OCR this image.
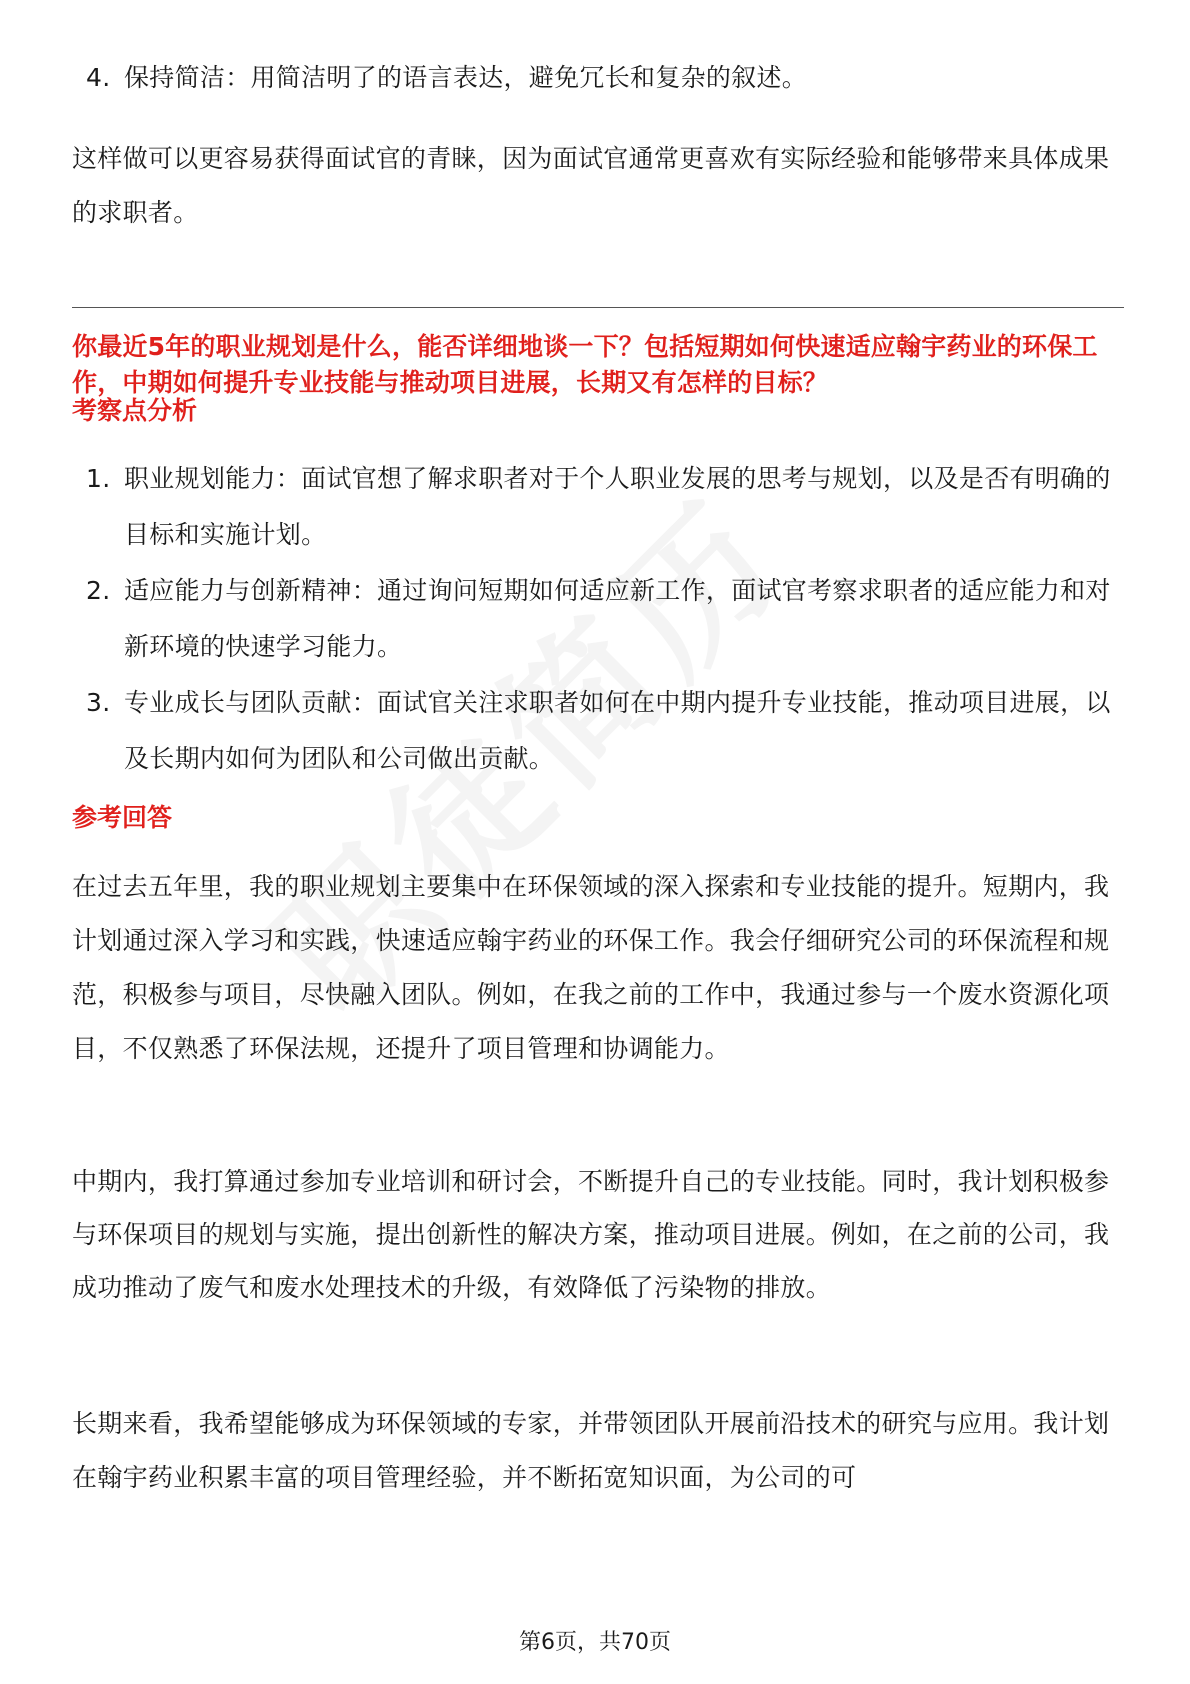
4. 保持简洁：用简洁明了的语言表达，避免冗长和复杂的叙述。

这样做可以更容易获得面试官的青睐，因为面试官通常更喜欢有实际经验和能够带来具体成果的求职者。

你最近5年的职业规划是什么，能否详细地谈一下？包括短期如何快速适应翰宇药业的环保工作，中期如何提升专业技能与推动项目进展，长期又有怎样的目标？

考察点分析

1. 职业规划能力：面试官想了解求职者对于个人职业发展的思考与规划，以及是否有明确的目标和实施计划。
2. 适应能力与创新精神：通过询问短期如何适应新工作，面试官考察求职者的适应能力和对新环境的快速学习能力。
3. 专业成长与团队贡献：面试官关注求职者如何在中期内提升专业技能，推动项目进展，以及长期内如何为团队和公司做出贡献。

参考回答

在过去五年里，我的职业规划主要集中在环保领域的深入探索和专业技能的提升。短期内，我计划通过深入学习和实践，快速适应翰宇药业的环保工作。我会仔细研究公司的环保流程和规范，积极参与项目，尽快融入团队。例如，在我之前的工作中，我通过参与一个废水资源化项目，不仅熟悉了环保法规，还提升了项目管理和协调能力。

中期内，我打算通过参加专业培训和研讨会，不断提升自己的专业技能。同时，我计划积极参与环保项目的规划与实施，提出创新性的解决方案，推动项目进展。例如，在之前的公司，我成功推动了废气和废水处理技术的升级，有效降低了污染物的排放。

长期来看，我希望能够成为环保领域的专家，并带领团队开展前沿技术的研究与应用。我计划在翰宇药业积累丰富的项目管理经验，并不断拓宽知识面，为公司的可

第6页，共70页
